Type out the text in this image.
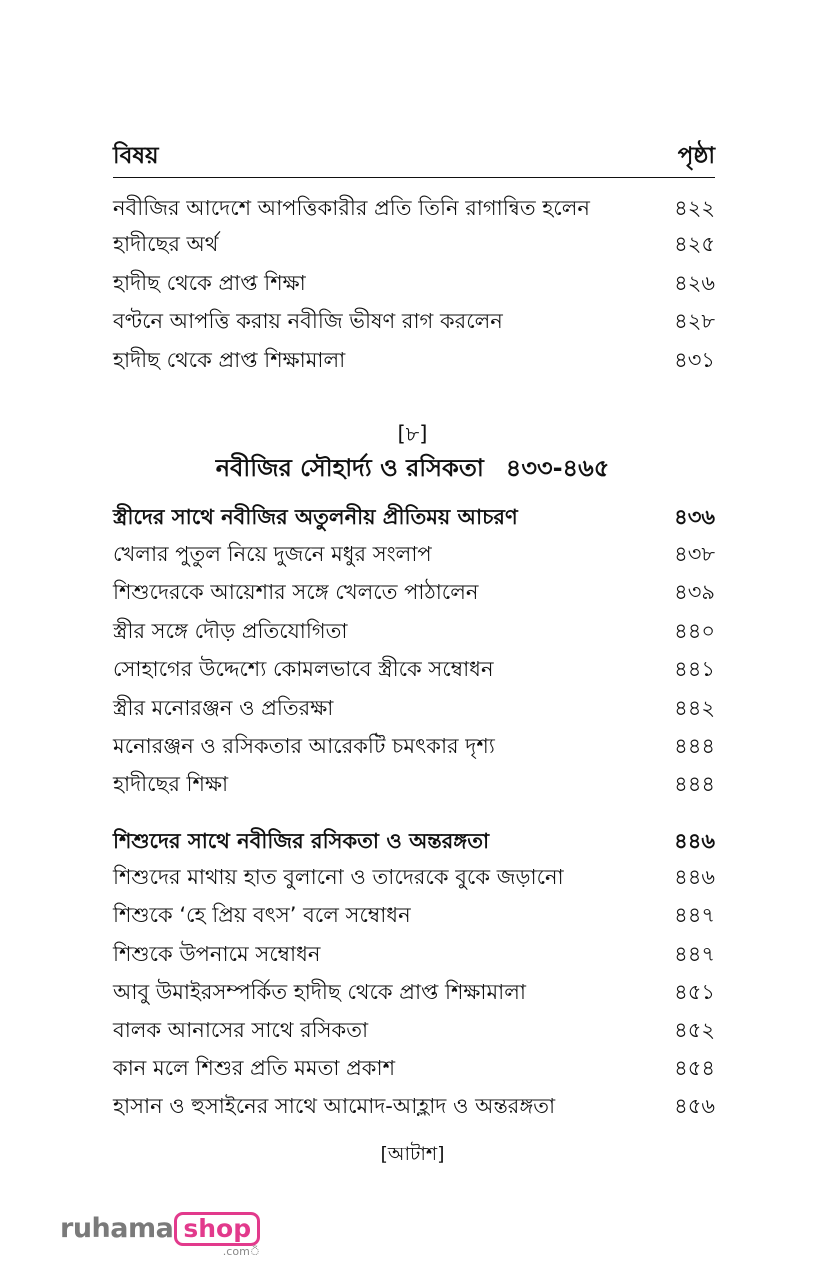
বিষয়	পৃষ্ঠা
নবীজির আদেশে আপত্তিকারীর প্রতি তিনি রাগান্বিত হলেন	৪২২
হাদীছের অর্থ	৪২৫
হাদীছ থেকে প্রাপ্ত শিক্ষা	৪২৬
বণ্টনে আপত্তি করায় নবীজি ভীষণ রাগ করলেন	৪২৮
হাদীছ থেকে প্রাপ্ত শিক্ষামালা	৪৩১
[৮]
নবীজির সৌহার্দ্য ও রসিকতা ৪৩৩-৪৬৫
স্ত্রীদের সাথে নবীজির অতুলনীয় প্রীতিময় আচরণ	৪৩৬
খেলার পুতুল নিয়ে দুজনে মধুর সংলাপ	৪৩৮
শিশুদেরকে আয়েশার সঙ্গে খেলতে পাঠালেন	৪৩৯
স্ত্রীর সঙ্গে দৌড় প্রতিযোগিতা	৪৪০
সোহাগের উদ্দেশ্যে কোমলভাবে স্ত্রীকে সম্বোধন	৪৪১
স্ত্রীর মনোরঞ্জন ও প্রতিরক্ষা	৪৪২
মনোরঞ্জন ও রসিকতার আরেকটি চমৎকার দৃশ্য	৪৪৪
হাদীছের শিক্ষা	৪৪৪
শিশুদের সাথে নবীজির রসিকতা ও অন্তরঙ্গতা	৪৪৬
শিশুদের মাথায় হাত বুলানো ও তাদেরকে বুকে জড়ানো	৪৪৬
শিশুকে ‘হে প্রিয় বৎস’ বলে সম্বোধন	৪৪৭
শিশুকে উপনামে সম্বোধন	৪৪৭
আবু উমাইরসম্পর্কিত হাদীছ থেকে প্রাপ্ত শিক্ষামালা	৪৫১
বালক আনাসের সাথে রসিকতা	৪৫২
কান মলে শিশুর প্রতি মমতা প্রকাশ	৪৫৪
হাসান ও হুসাইনের সাথে আমোদ-আহ্লাদ ও অন্তরঙ্গতা	৪৫৬
[আটাশ]
ruhama shop
.comঁ
